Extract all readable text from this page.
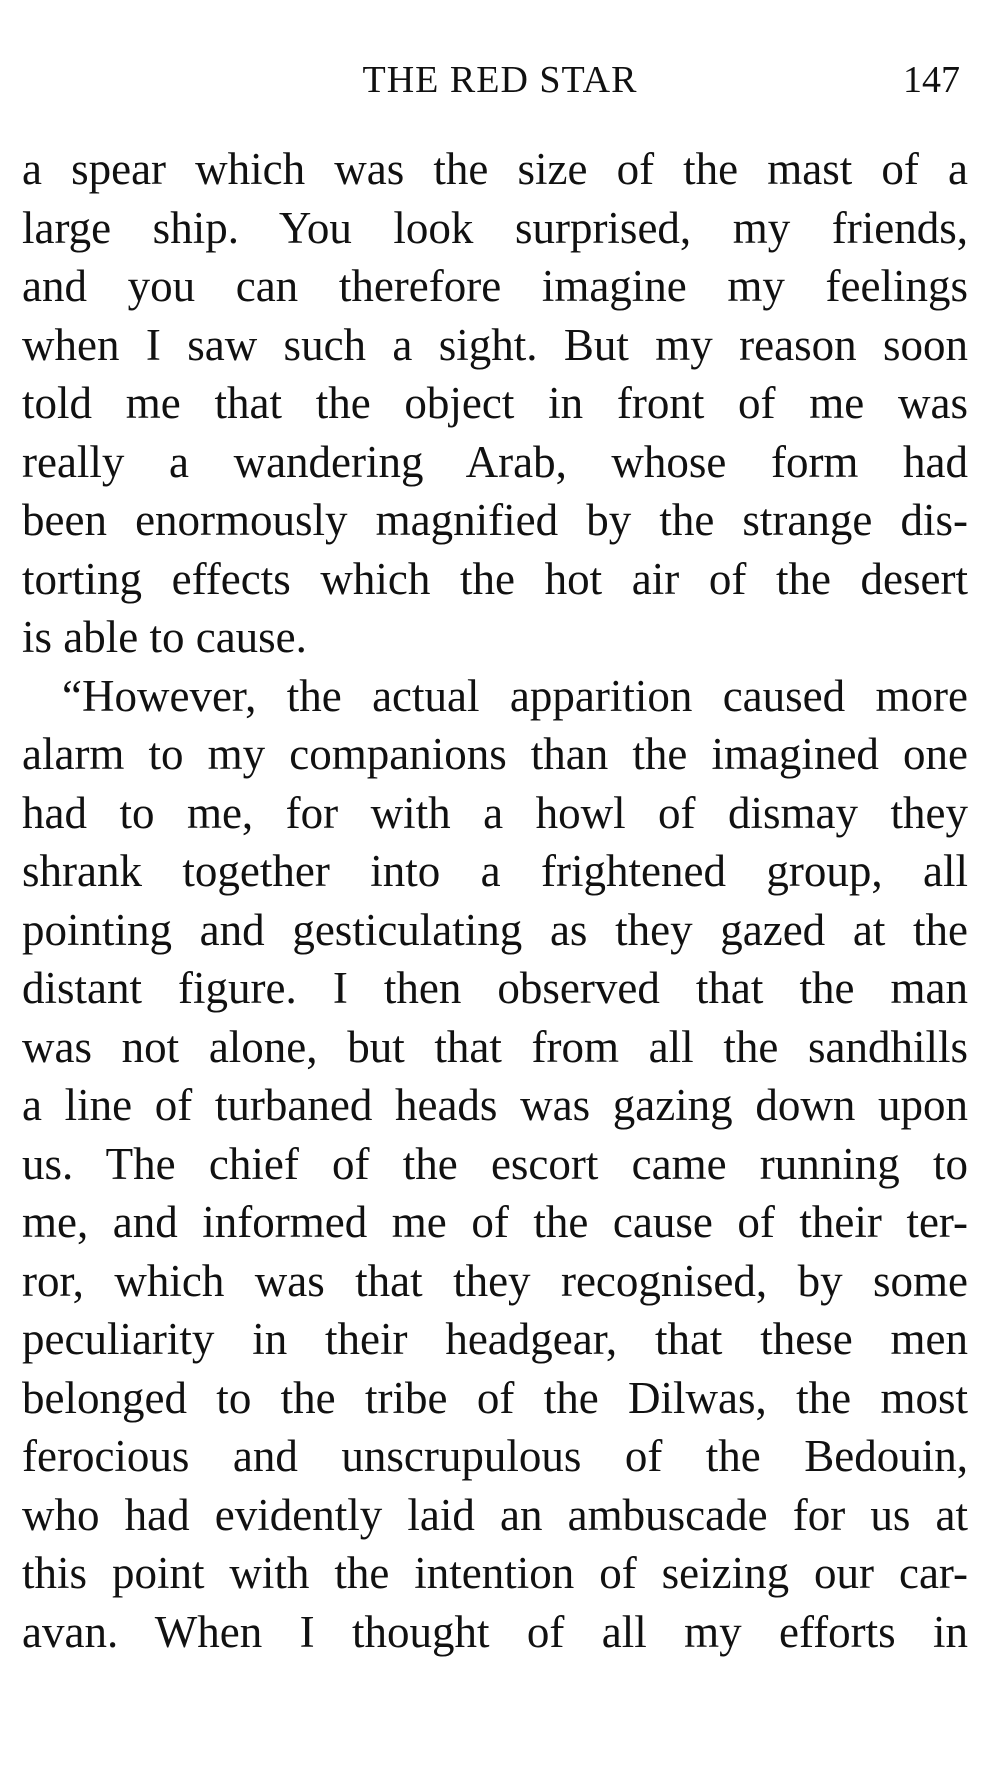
THE RED STAR	147
a spear which was the size of the mast of a
large ship. You look surprised, my friends,
and you can therefore imagine my feelings
when I saw such a sight. But my reason soon
told me that the object in front of me was
really a wandering Arab, whose form had
been enormously magnified by the strange dis-
torting effects which the hot air of the desert
is able to cause.
“However, the actual apparition caused more
alarm to my companions than the imagined one
had to me, for with a howl of dismay they
shrank together into a frightened group, all
pointing and gesticulating as they gazed at the
distant figure. I then observed that the man
was not alone, but that from all the sandhills
a line of turbaned heads was gazing down upon
us. The chief of the escort came running to
me, and informed me of the cause of their ter-
ror, which was that they recognised, by some
peculiarity in their headgear, that these men
belonged to the tribe of the Dilwas, the most
ferocious and unscrupulous of the Bedouin,
who had evidently laid an ambuscade for us at
this point with the intention of seizing our car-
avan. When I thought of all my efforts in
